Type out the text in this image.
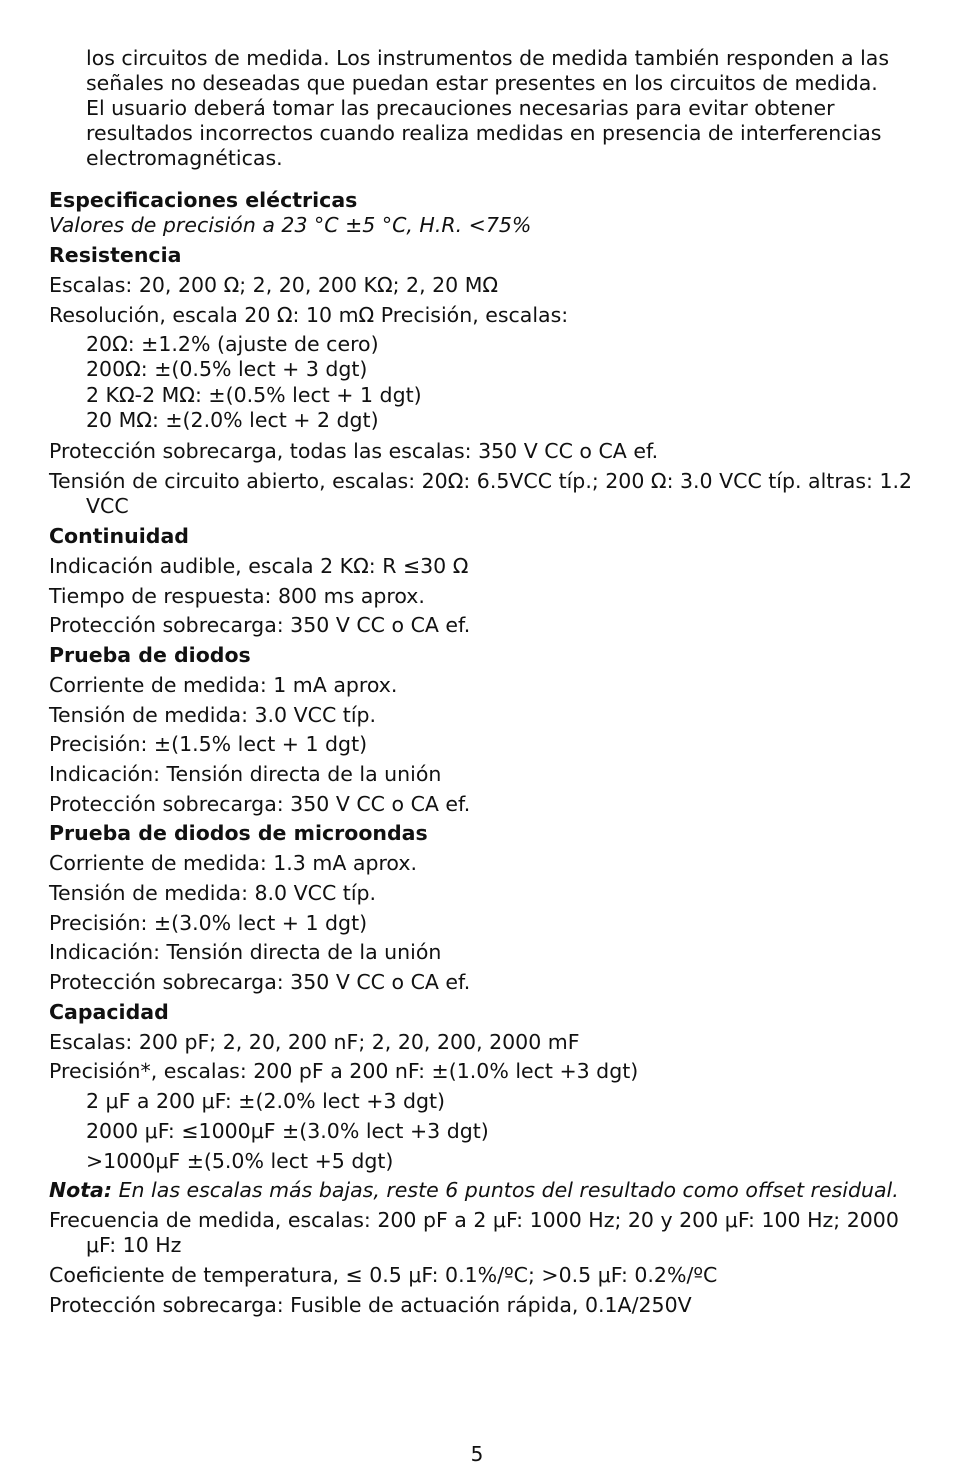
los circuitos de medida. Los instrumentos de medida también responden a las
señales no deseadas que puedan estar presentes en los circuitos de medida.
El usuario deberá tomar las precauciones necesarias para evitar obtener
resultados incorrectos cuando realiza medidas en presencia de interferencias
electromagnéticas.
Especificaciones eléctricas
Valores de precisión a 23 °C ±5 °C, H.R. <75%
Resistencia
Escalas: 20, 200 Ω; 2, 20, 200 KΩ; 2, 20 MΩ
Resolución, escala 20 Ω: 10 mΩ Precisión, escalas:
20Ω: ±1.2% (ajuste de cero)
200Ω: ±(0.5% lect + 3 dgt)
2 KΩ-2 MΩ: ±(0.5% lect + 1 dgt)
20 MΩ: ±(2.0% lect + 2 dgt)
Protección sobrecarga, todas las escalas: 350 V CC o CA ef.
Tensión de circuito abierto, escalas: 20Ω: 6.5VCC típ.; 200 Ω: 3.0 VCC típ. altras: 1.2 VCC
Continuidad
Indicación audible, escala 2 KΩ: R ≤30 Ω
Tiempo de respuesta: 800 ms aprox.
Protección sobrecarga: 350 V CC o CA ef.
Prueba de diodos
Corriente de medida: 1 mA aprox.
Tensión de medida: 3.0 VCC típ.
Precisión: ±(1.5% lect + 1 dgt)
Indicación: Tensión directa de la unión
Protección sobrecarga: 350 V CC o CA ef.
Prueba de diodos de microondas
Corriente de medida: 1.3 mA aprox.
Tensión de medida: 8.0 VCC típ.
Precisión: ±(3.0% lect + 1 dgt)
Indicación: Tensión directa de la unión
Protección sobrecarga: 350 V CC o CA ef.
Capacidad
Escalas: 200 pF; 2, 20, 200 nF; 2, 20, 200, 2000 mF
Precisión*, escalas: 200 pF a 200 nF: ±(1.0% lect +3 dgt)
2 μF a 200 μF: ±(2.0% lect +3 dgt)
2000 μF: ≤1000μF ±(3.0% lect +3 dgt)
>1000μF ±(5.0% lect +5 dgt)
Nota: En las escalas más bajas, reste 6 puntos del resultado como offset residual.
Frecuencia de medida, escalas: 200 pF a 2 μF: 1000 Hz; 20 y 200 μF: 100 Hz; 2000 μF: 10 Hz
Coeficiente de temperatura, ≤ 0.5 μF: 0.1%/ºC; >0.5 μF: 0.2%/ºC
Protección sobrecarga: Fusible de actuación rápida, 0.1A/250V
5
